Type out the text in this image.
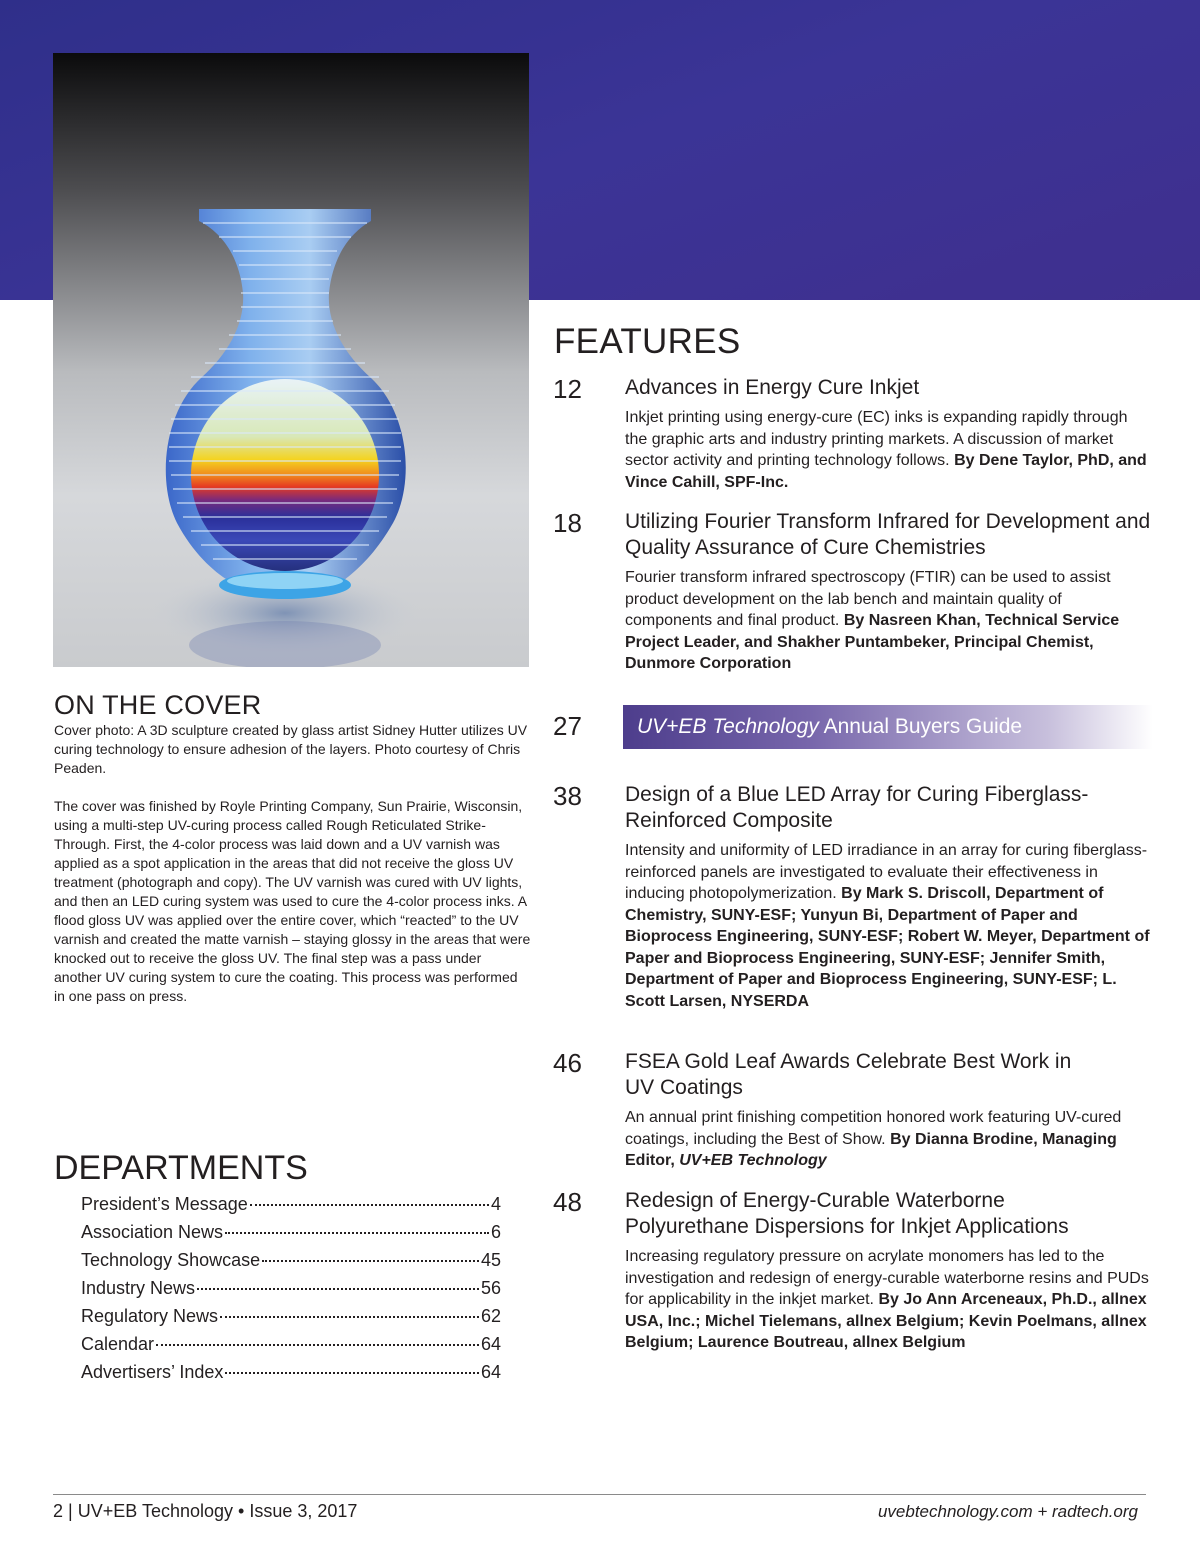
ON THE COVER

Cover photo: A 3D sculpture created by glass artist Sidney Hutter utilizes UV curing technology to ensure adhesion of the layers. Photo courtesy of Chris Peaden.

The cover was finished by Royle Printing Company, Sun Prairie, Wisconsin, using a multi-step UV-curing process called Rough Reticulated Strike-Through. First, the 4-color process was laid down and a UV varnish was applied as a spot application in the areas that did not receive the gloss UV treatment (photograph and copy). The UV varnish was cured with UV lights, and then an LED curing system was used to cure the 4-color process inks. A flood gloss UV was applied over the entire cover, which “reacted” to the UV varnish and created the matte varnish – staying glossy in the areas that were knocked out to receive the gloss UV. The final step was a pass under another UV curing system to cure the coating. This process was performed in one pass on press.

DEPARTMENTS
President’s Message	4
Association News	6
Technology Showcase	45
Industry News	56
Regulatory News	62
Calendar	64
Advertisers’ Index	64
FEATURES
12 Advances in Energy Cure Inkjet
Inkjet printing using energy-cure (EC) inks is expanding rapidly through the graphic arts and industry printing markets. A discussion of market sector activity and printing technology follows. By Dene Taylor, PhD, and Vince Cahill, SPF-Inc.
18 Utilizing Fourier Transform Infrared for Development and Quality Assurance of Cure Chemistries
Fourier transform infrared spectroscopy (FTIR) can be used to assist product development on the lab bench and maintain quality of components and final product. By Nasreen Khan, Technical Service Project Leader, and Shakher Puntambeker, Principal Chemist, Dunmore Corporation
27	UV+EB Technology Annual Buyers Guide
38 Design of a Blue LED Array for Curing Fiberglass-Reinforced Composite
Intensity and uniformity of LED irradiance in an array for curing fiberglass-reinforced panels are investigated to evaluate their effectiveness in inducing photopolymerization. By Mark S. Driscoll, Department of Chemistry, SUNY-ESF; Yunyun Bi, Department of Paper and Bioprocess Engineering, SUNY-ESF; Robert W. Meyer, Department of Paper and Bioprocess Engineering, SUNY-ESF; Jennifer Smith, Department of Paper and Bioprocess Engineering, SUNY-ESF; L. Scott Larsen, NYSERDA
46 FSEA Gold Leaf Awards Celebrate Best Work in UV Coatings
An annual print finishing competition honored work featuring UV-cured coatings, including the Best of Show. By Dianna Brodine, Managing Editor, UV+EB Technology
48 Redesign of Energy-Curable Waterborne Polyurethane Dispersions for Inkjet Applications
Increasing regulatory pressure on acrylate monomers has led to the investigation and redesign of energy-curable waterborne resins and PUDs for applicability in the inkjet market. By Jo Ann Arceneaux, Ph.D., allnex USA, Inc.; Michel Tielemans, allnex Belgium; Kevin Poelmans, allnex Belgium; Laurence Boutreau, allnex Belgium
2 | UV+EB Technology • Issue 3, 2017	uvebtechnology.com + radtech.org
